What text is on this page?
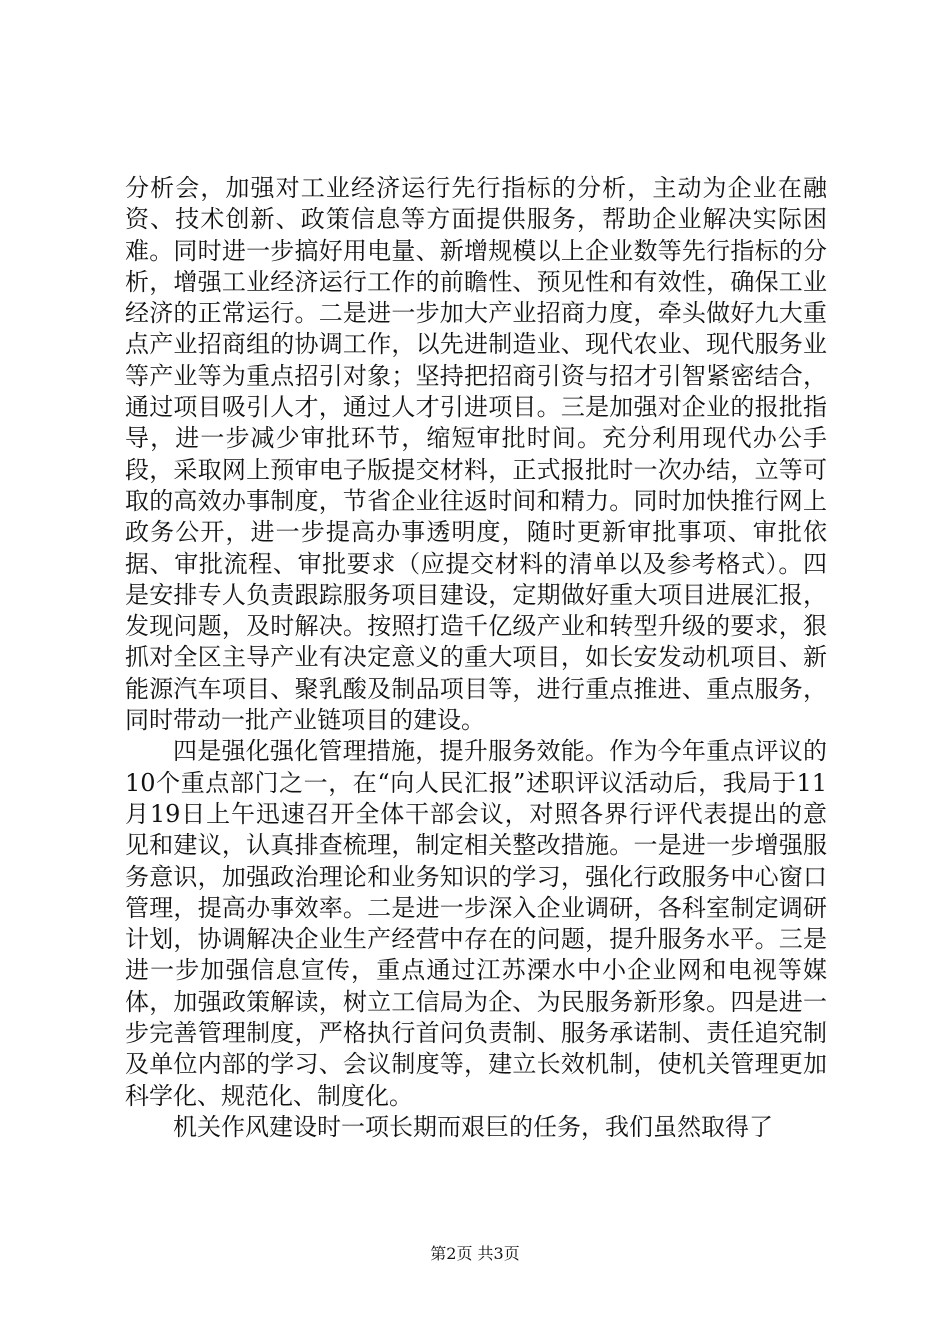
分析会，加强对工业经济运行先行指标的分析，主动为企业在融资、技术创新、政策信息等方面提供服务，帮助企业解决实际困难。同时进一步搞好用电量、新增规模以上企业数等先行指标的分析，增强工业经济运行工作的前瞻性、预见性和有效性，确保工业经济的正常运行。二是进一步加大产业招商力度，牵头做好九大重点产业招商组的协调工作，以先进制造业、现代农业、现代服务业等产业等为重点招引对象；坚持把招商引资与招才引智紧密结合，通过项目吸引人才，通过人才引进项目。三是加强对企业的报批指导，进一步减少审批环节，缩短审批时间。充分利用现代办公手段，采取网上预审电子版提交材料，正式报批时一次办结，立等可取的高效办事制度，节省企业往返时间和精力。同时加快推行网上政务公开，进一步提高办事透明度，随时更新审批事项、审批依据、审批流程、审批要求（应提交材料的清单以及参考格式）。四是安排专人负责跟踪服务项目建设，定期做好重大项目进展汇报，发现问题，及时解决。按照打造千亿级产业和转型升级的要求，狠抓对全区主导产业有决定意义的重大项目，如长安发动机项目、新能源汽车项目、聚乳酸及制品项目等，进行重点推进、重点服务，同时带动一批产业链项目的建设。

四是强化强化管理措施，提升服务效能。作为今年重点评议的10个重点部门之一，在“向人民汇报”述职评议活动后，我局于11月19日上午迅速召开全体干部会议，对照各界行评代表提出的意见和建议，认真排查梳理，制定相关整改措施。一是进一步增强服务意识，加强政治理论和业务知识的学习，强化行政服务中心窗口管理，提高办事效率。二是进一步深入企业调研，各科室制定调研计划，协调解决企业生产经营中存在的问题，提升服务水平。三是进一步加强信息宣传，重点通过江苏溧水中小企业网和电视等媒体，加强政策解读，树立工信局为企、为民服务新形象。四是进一步完善管理制度，严格执行首问负责制、服务承诺制、责任追究制及单位内部的学习、会议制度等，建立长效机制，使机关管理更加科学化、规范化、制度化。

机关作风建设时一项长期而艰巨的任务，我们虽然取得了

第2页 共3页
